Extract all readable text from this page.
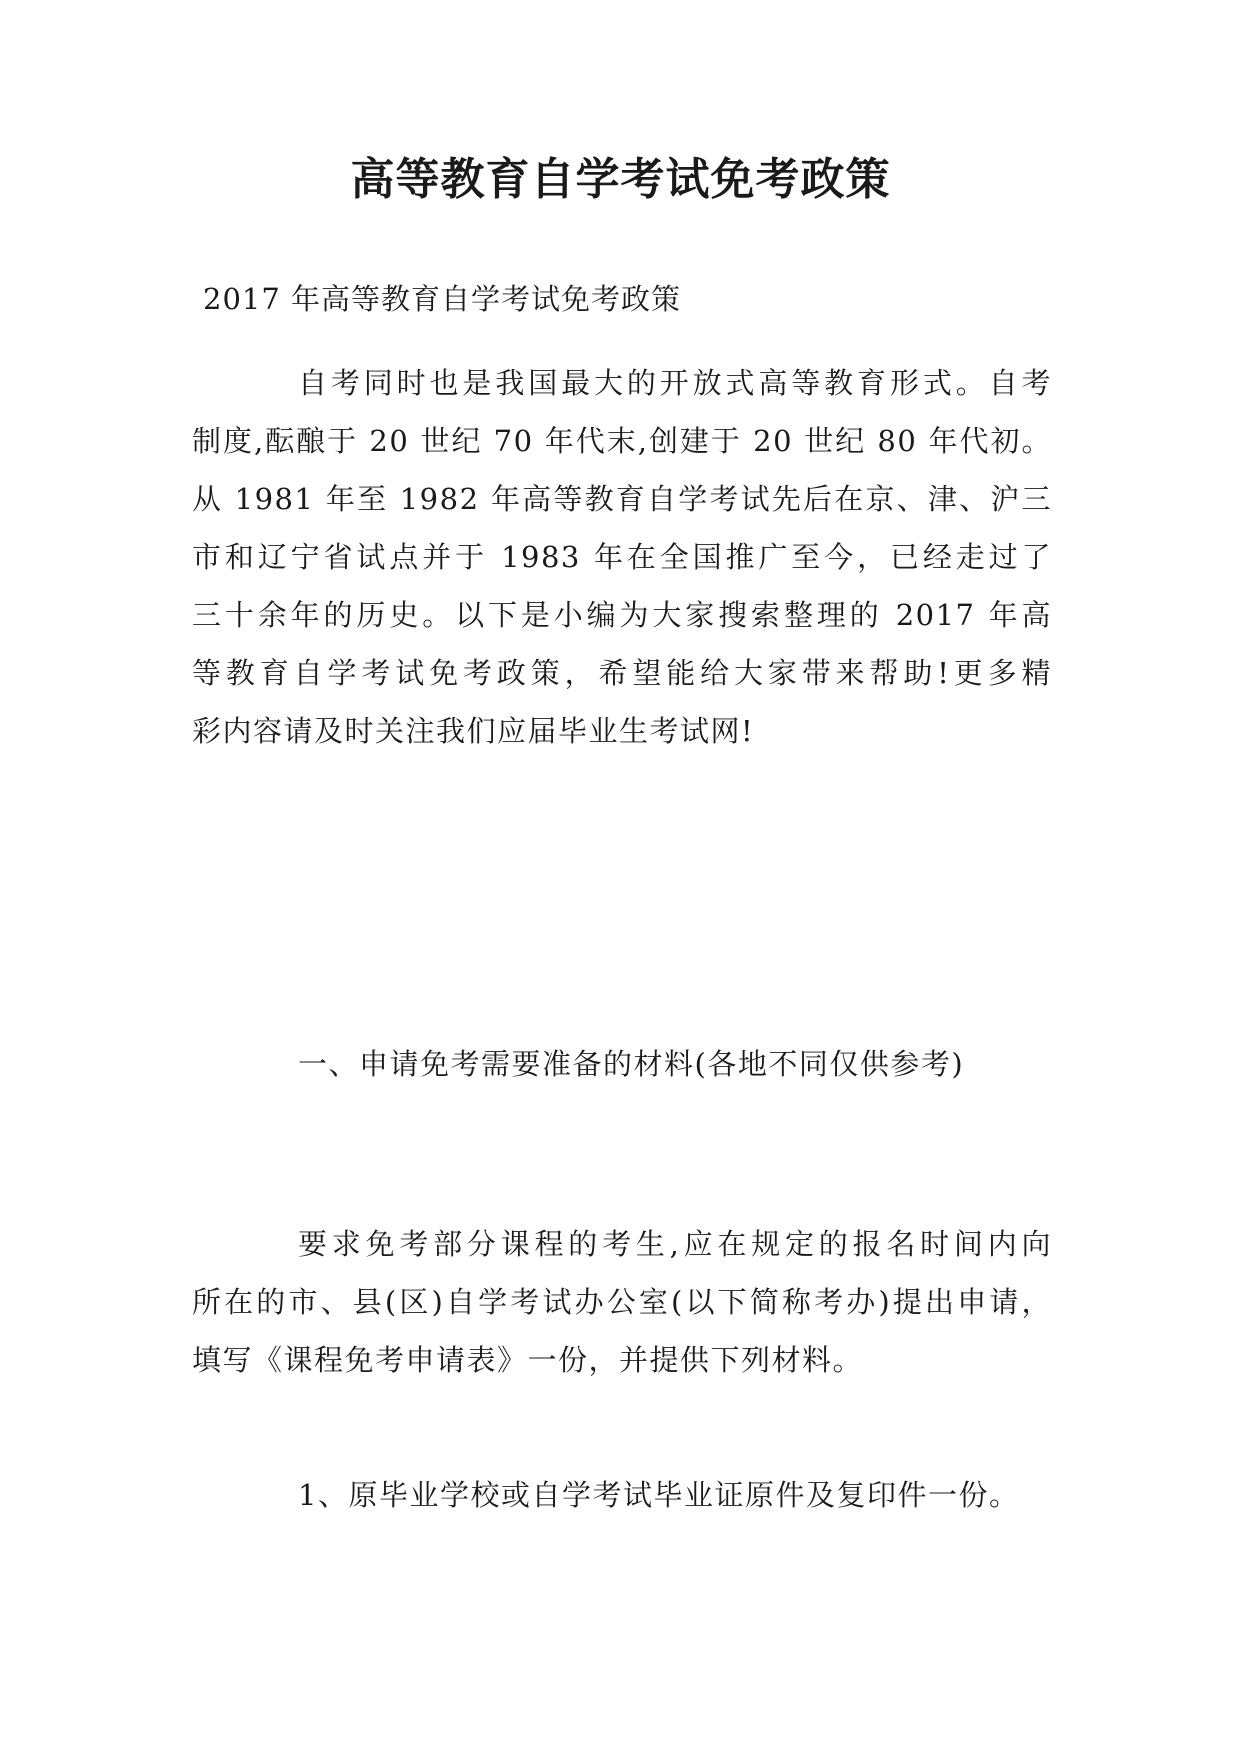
高等教育自学考试免考政策

2017 年高等教育自学考试免考政策

自考同时也是我国最大的开放式高等教育形式。自考
制度,酝酿于 20 世纪 70 年代末,创建于 20 世纪 80 年代初。
从 1981 年至 1982 年高等教育自学考试先后在京、津、沪三
市和辽宁省试点并于 1983 年在全国推广至今，已经走过了
三十余年的历史。以下是小编为大家搜索整理的 2017 年高
等教育自学考试免考政策，希望能给大家带来帮助!更多精
彩内容请及时关注我们应届毕业生考试网!

一、申请免考需要准备的材料(各地不同仅供参考)

要求免考部分课程的考生,应在规定的报名时间内向
所在的市、县(区)自学考试办公室(以下简称考办)提出申请，
填写《课程免考申请表》一份，并提供下列材料。

1、原毕业学校或自学考试毕业证原件及复印件一份。
